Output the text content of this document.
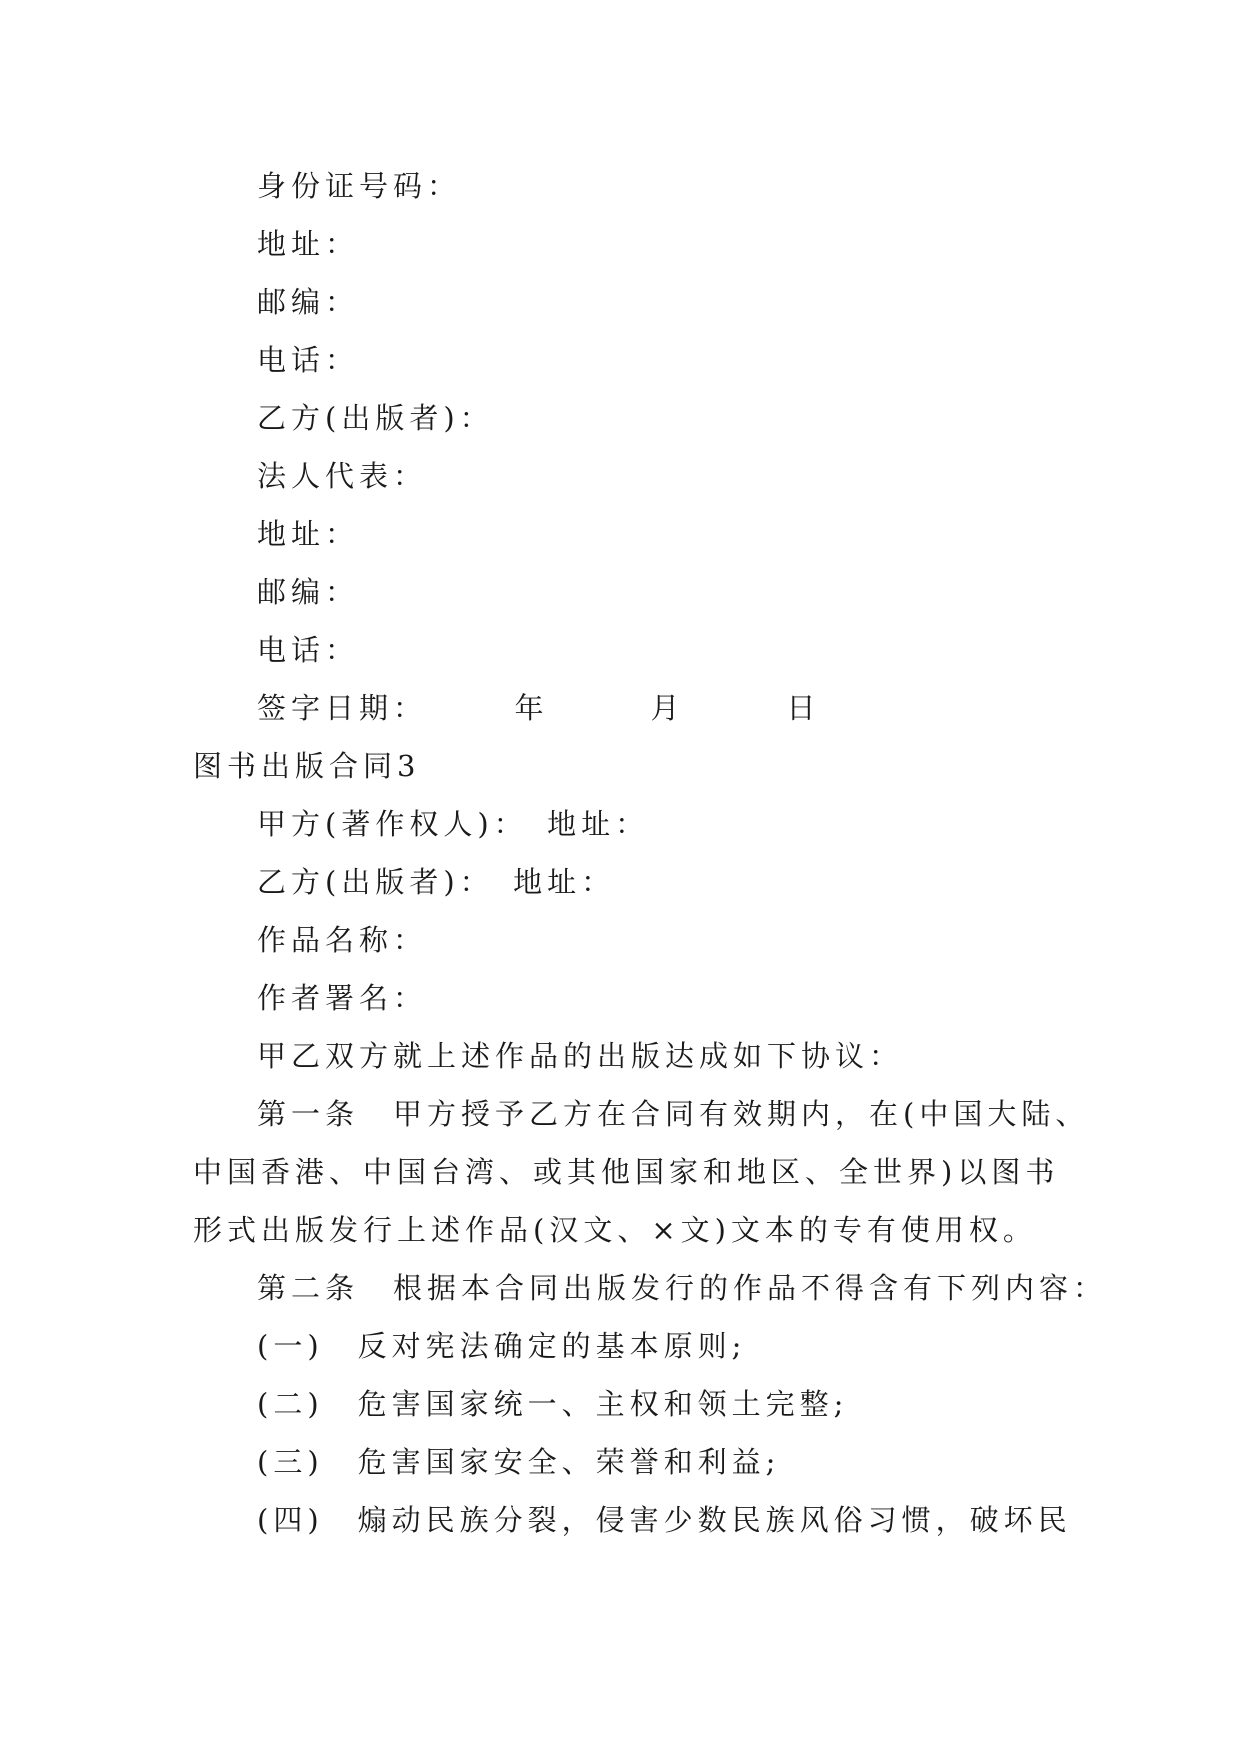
身份证号码：

地址：

邮编：

电话：

乙方(出版者)：

法人代表：

地址：

邮编：

电话：

签字日期：　　　年　　　月　　　日

图书出版合同3

甲方(著作权人)：　地址：

乙方(出版者)：　地址：

作品名称：

作者署名：

甲乙双方就上述作品的出版达成如下协议：

第一条　甲方授予乙方在合同有效期内，在(中国大陆、

中国香港、中国台湾、或其他国家和地区、全世界)以图书

形式出版发行上述作品(汉文、×文)文本的专有使用权。

第二条　根据本合同出版发行的作品不得含有下列内容：

(一)　反对宪法确定的基本原则;

(二)　危害国家统一、主权和领土完整;

(三)　危害国家安全、荣誉和利益;

(四)　煽动民族分裂，侵害少数民族风俗习惯，破坏民
